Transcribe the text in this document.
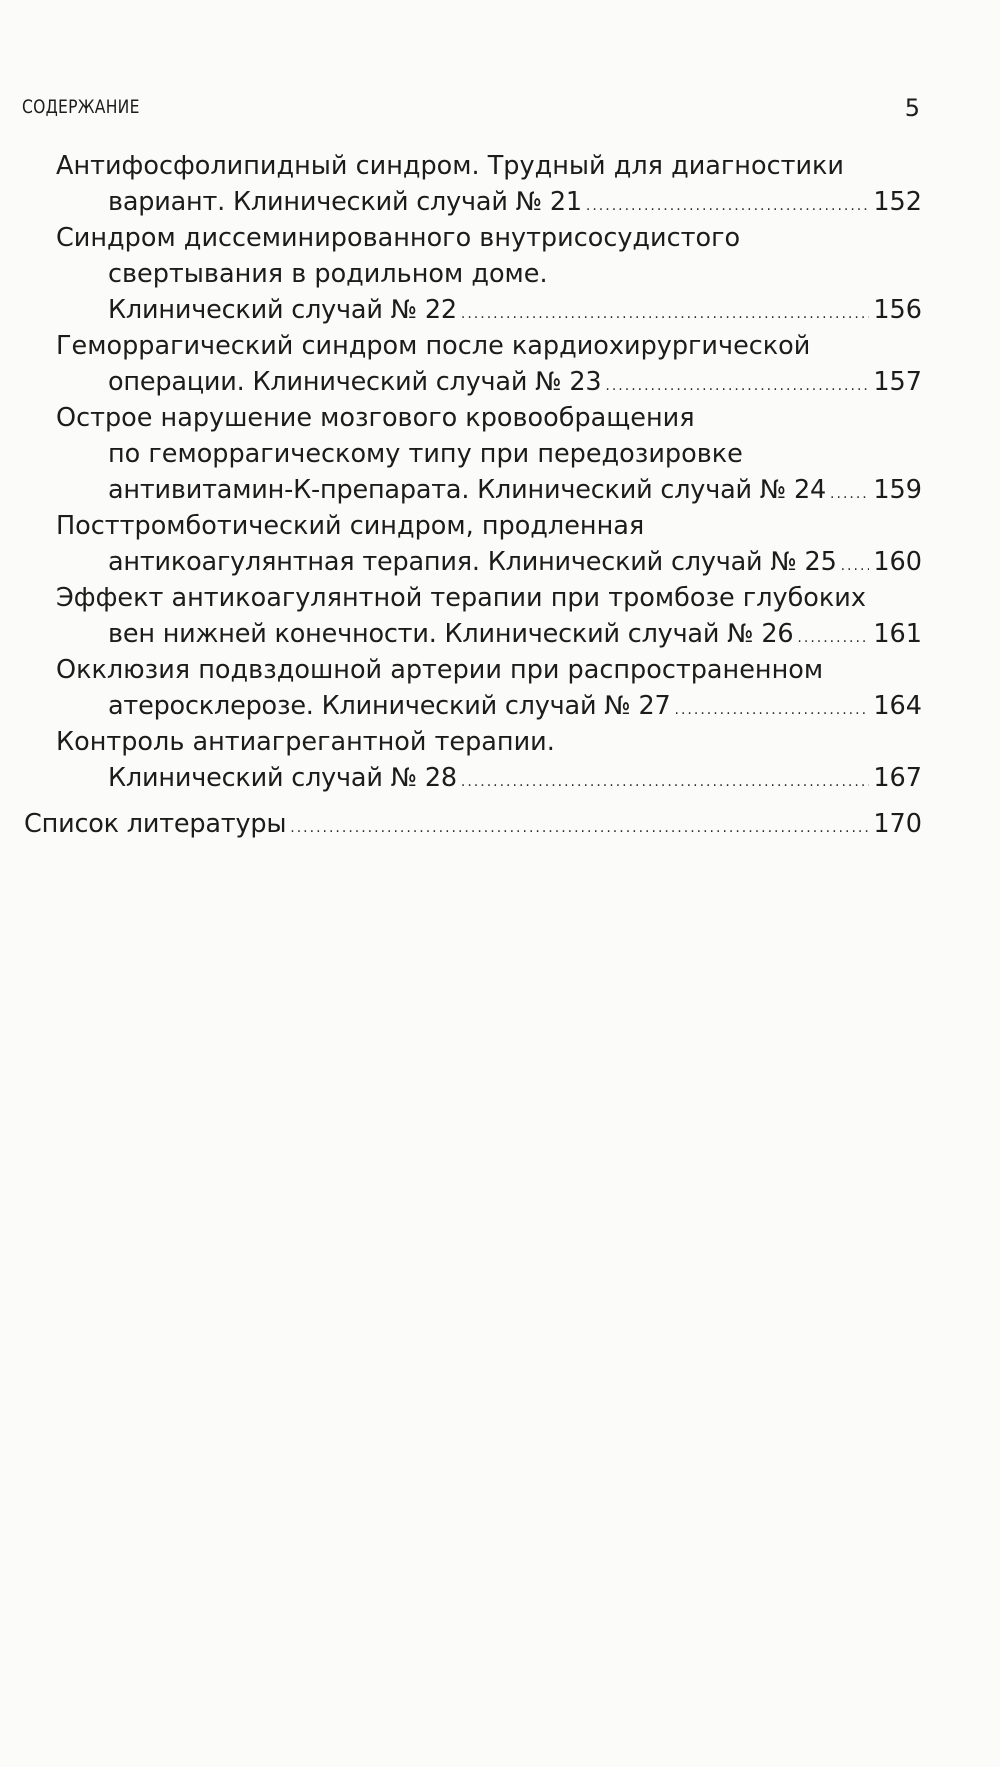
СОДЕРЖАНИЕ	5
Антифосфолипидный синдром. Трудный для диагностики
вариант. Клинический случай № 21 .....	152
Синдром диссеминированного внутрисосудистого
свертывания в родильном доме.
Клинический случай № 22 .....	156
Геморрагический синдром после кардиохирургической
операции. Клинический случай № 23 .....	157
Острое нарушение мозгового кровообращения
по геморрагическому типу при передозировке
антивитамин-К-препарата. Клинический случай № 24 ..... 159
Посттромботический синдром, продленная
антикоагулянтная терапия. Клинический случай № 25 ..... 160
Эффект антикоагулянтной терапии при тромбозе глубоких
вен нижней конечности. Клинический случай № 26 .....	161
Окклюзия подвздошной артерии при распространенном
атеросклерозе. Клинический случай № 27 .....	164
Контроль антиагрегантной терапии.
Клинический случай № 28 .....	167
Список литературы .....	170
